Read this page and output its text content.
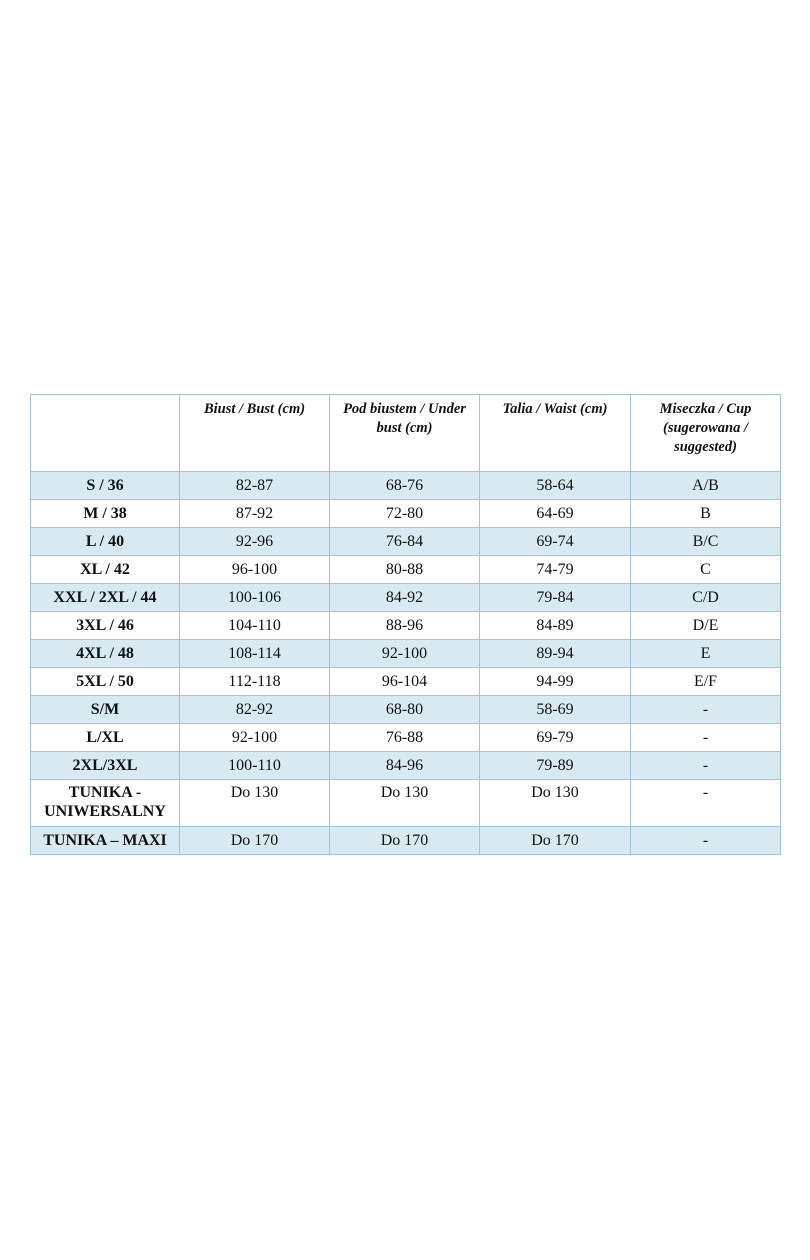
	Biust / Bust (cm)	Pod biustem / Under bust (cm)	Talia / Waist (cm)	Miseczka / Cup (sugerowana / suggested)
S / 36	82-87	68-76	58-64	A/B
M / 38	87-92	72-80	64-69	B
L / 40	92-96	76-84	69-74	B/C
XL / 42	96-100	80-88	74-79	C
XXL / 2XL / 44	100-106	84-92	79-84	C/D
3XL / 46	104-110	88-96	84-89	D/E
4XL / 48	108-114	92-100	89-94	E
5XL / 50	112-118	96-104	94-99	E/F
S/M	82-92	68-80	58-69	-
L/XL	92-100	76-88	69-79	-
2XL/3XL	100-110	84-96	79-89	-
TUNIKA - UNIWERSALNY	Do 130	Do 130	Do 130	-
TUNIKA – MAXI	Do 170	Do 170	Do 170	-
